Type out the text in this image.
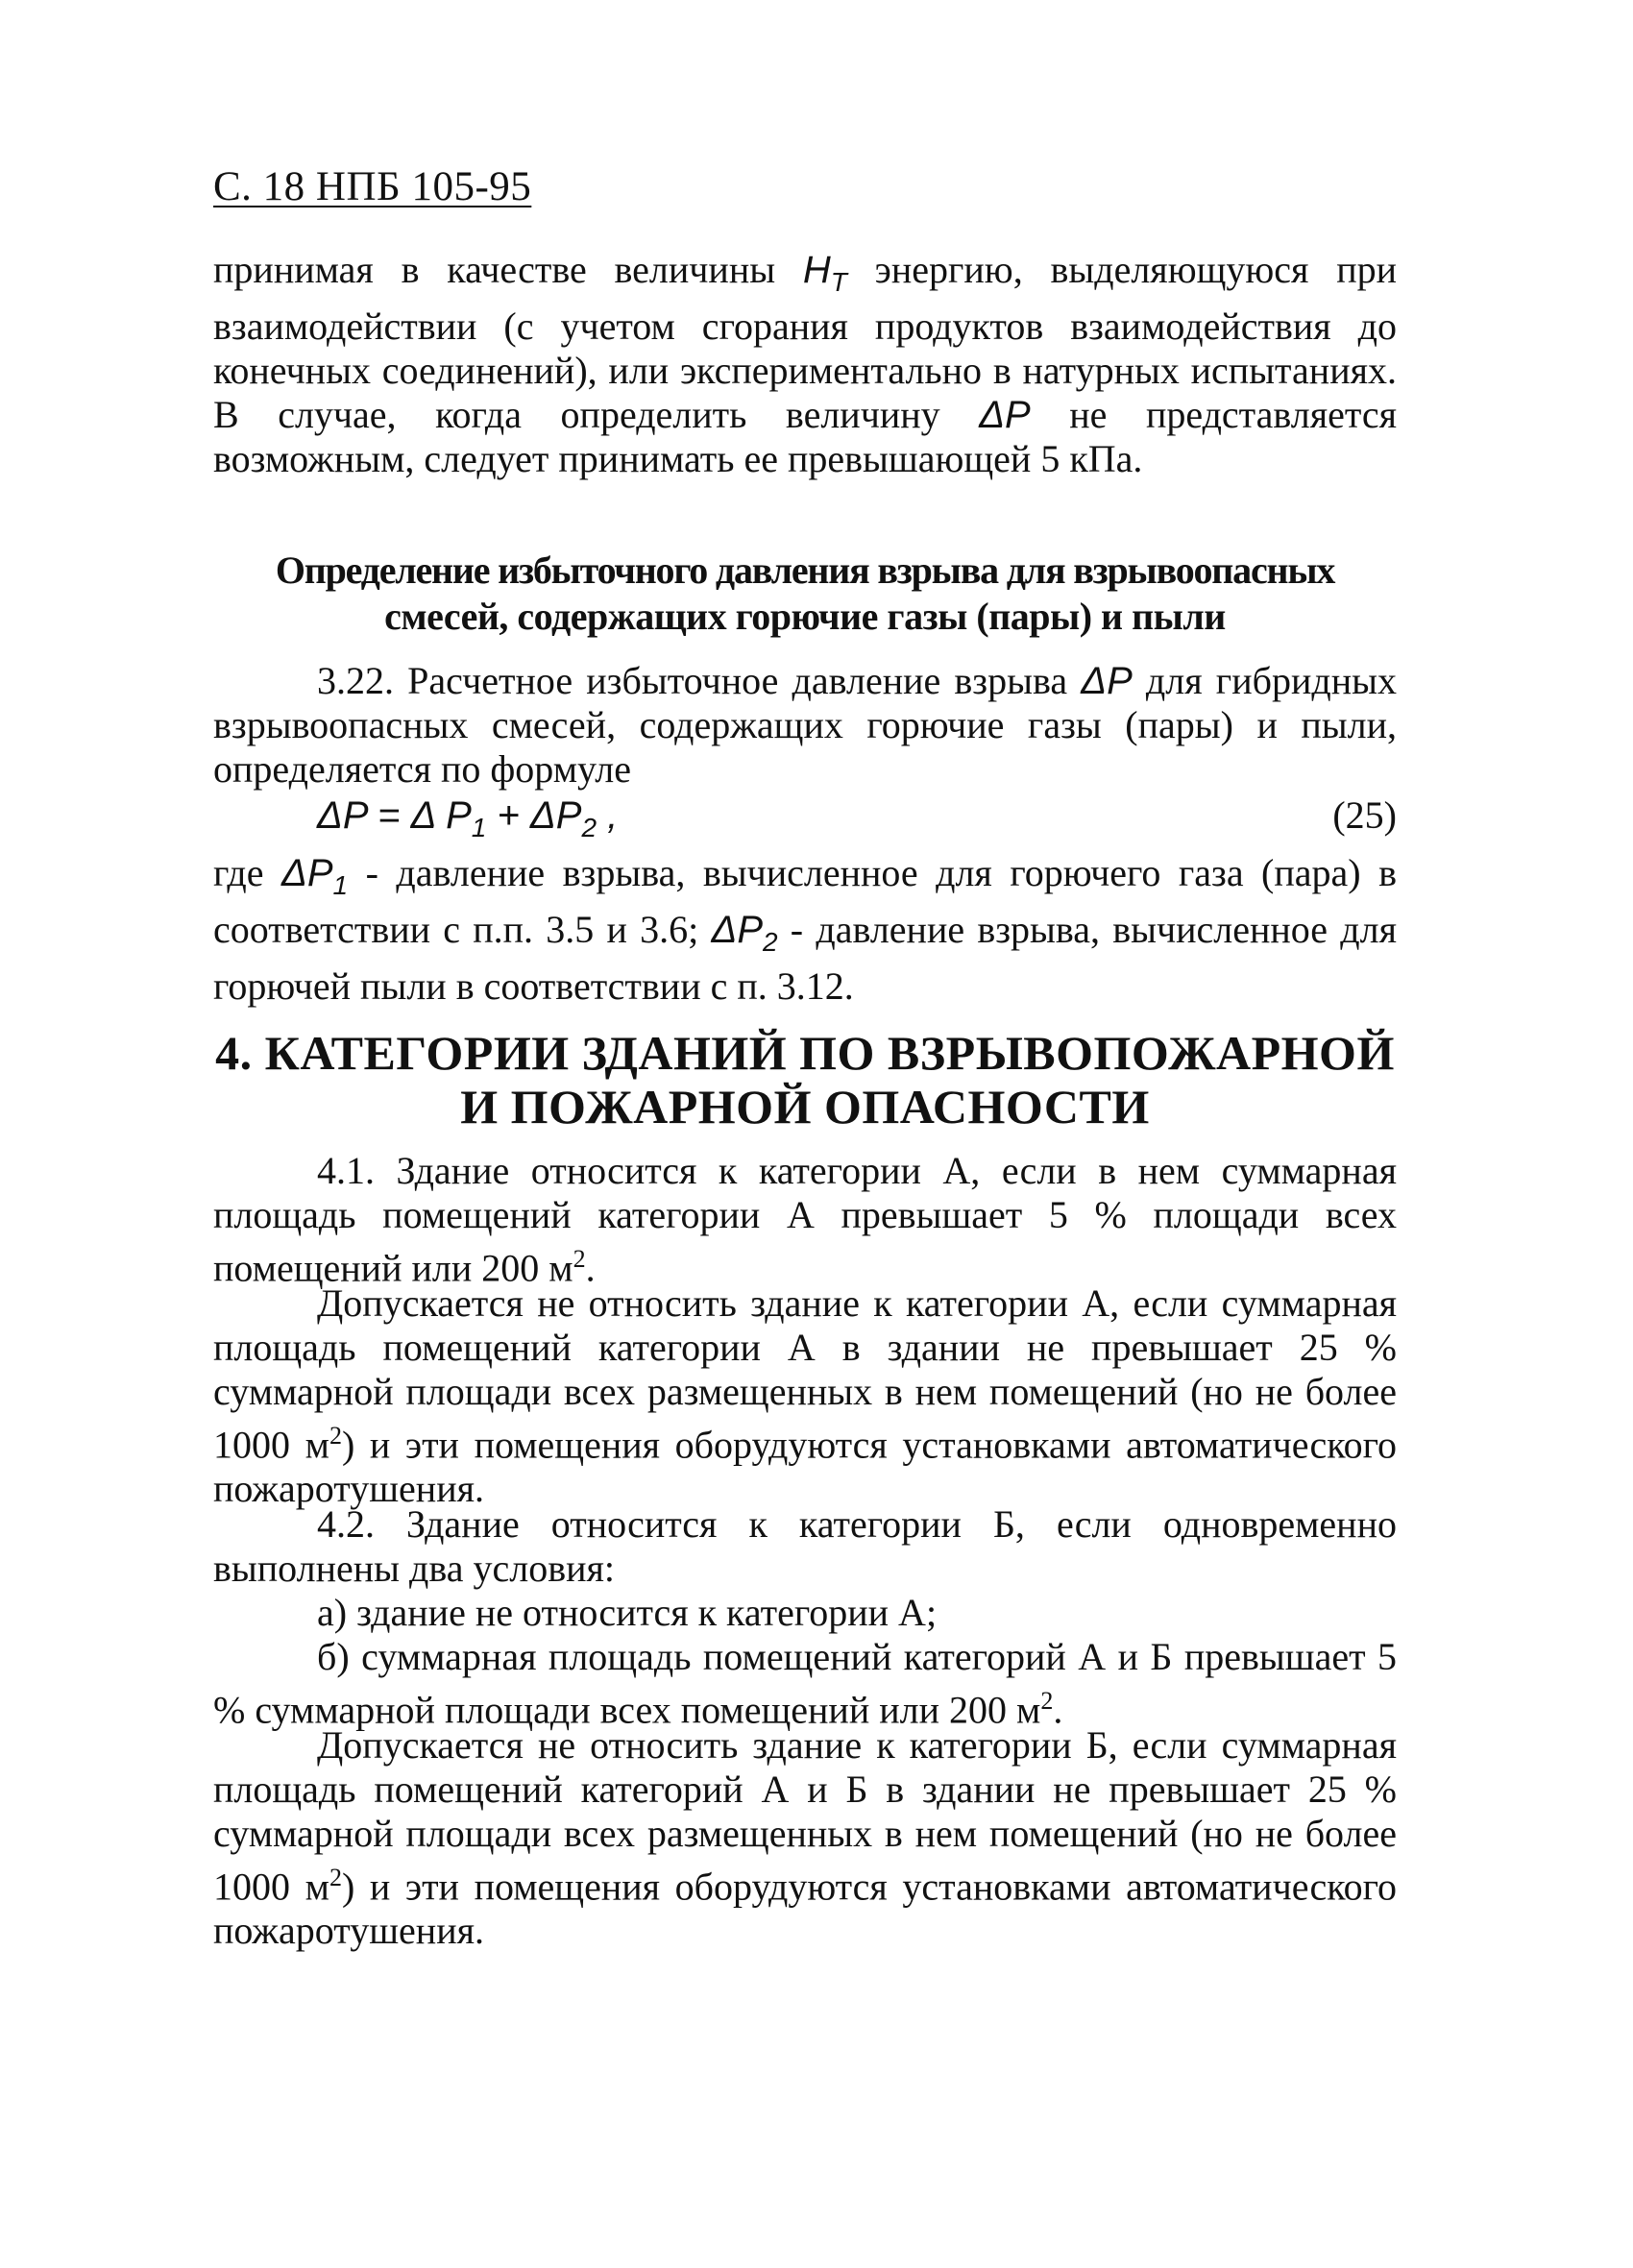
С. 18 НПБ 105-95

принимая в качестве величины $H_T$ энергию, выделяющуюся при взаимодействии (с учетом сгорания продуктов взаимодействия до конечных соединений), или экспериментально в натурных испытаниях. В случае, когда определить величину ΔP не представляется возможным, следует принимать ее превышающей 5 кПа.

Определение избыточного давления взрыва для взрывоопасных
смесей, содержащих горючие газы (пары) и пыли

3.22. Расчетное избыточное давление взрыва ΔP для гибридных взрывоопасных смесей, содержащих горючие газы (пары) и пыли, определяется по формуле

ΔP = Δ $P_1 + \Delta P_2$ ,	(25)

где $\Delta P_1$ - давление взрыва, вычисленное для горючего газа (пара) в соответствии с п.п. 3.5 и 3.6; $\Delta P_2$ - давление взрыва, вычисленное для горючей пыли в соответствии с п. 3.12.

4. КАТЕГОРИИ ЗДАНИЙ ПО ВЗРЫВОПОЖАРНОЙ
И ПОЖАРНОЙ ОПАСНОСТИ

4.1. Здание относится к категории А, если в нем суммарная площадь помещений категории А превышает 5 % площади всех помещений или 200 $м^2$.

Допускается не относить здание к категории А, если суммарная площадь помещений категории А в здании не превышает 25 % суммарной площади всех размещенных в нем помещений (но не более 1000 $м^2$) и эти помещения оборудуются установками автоматического пожаротушения.

4.2. Здание относится к категории Б, если одновременно выполнены два условия:

а) здание не относится к категории А;

б) суммарная площадь помещений категорий А и Б превышает 5 % суммарной площади всех помещений или 200 $м^2$.

Допускается не относить здание к категории Б, если суммарная площадь помещений категорий А и Б в здании не превышает 25 % суммарной площади всех размещенных в нем помещений (но не более 1000 $м^2$) и эти помещения оборудуются установками автоматического пожаротушения.
